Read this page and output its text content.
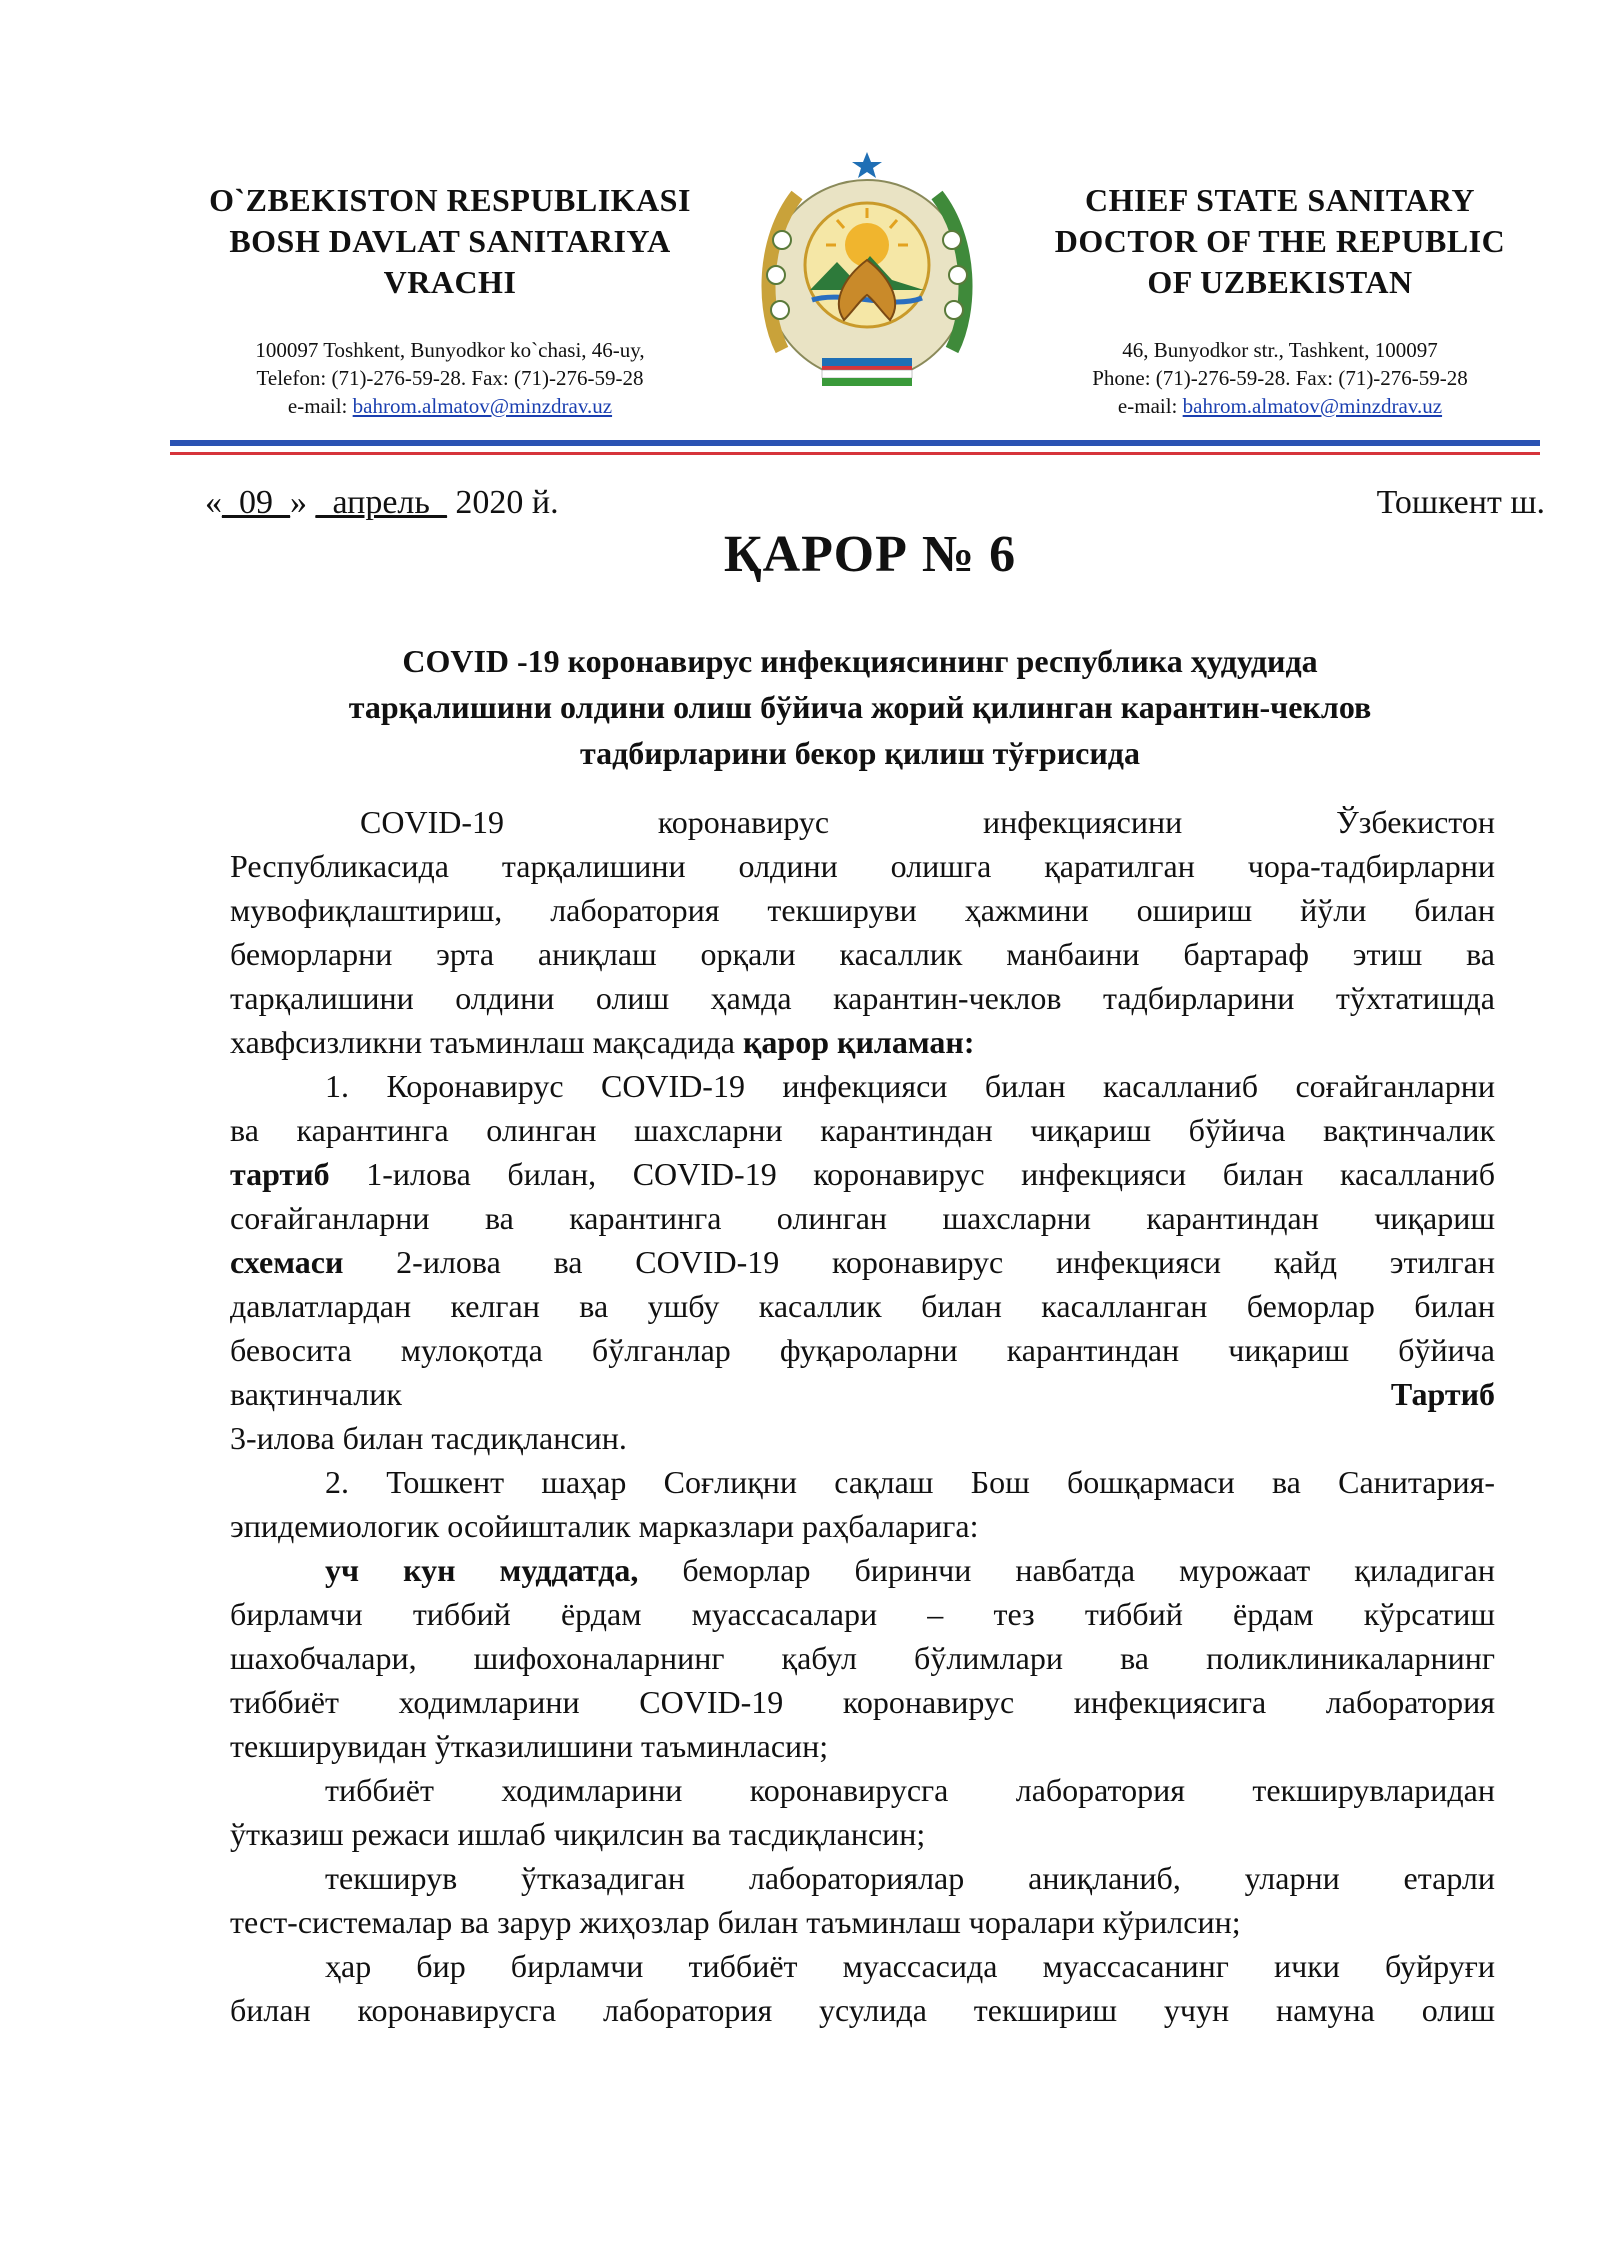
O`ZBEKISTON RESPUBLIKASI
BOSH DAVLAT SANITARIYA
VRACHI
CHIEF STATE SANITARY
DOCTOR OF THE REPUBLIC
OF UZBEKISTAN
100097 Toshkent, Bunyodkor ko`chasi, 46-uy,
Telefon: (71)-276-59-28. Fax: (71)-276-59-28
e-mail: bahrom.almatov@minzdrav.uz
46, Bunyodkor str., Tashkent, 100097
Phone: (71)-276-59-28. Fax: (71)-276-59-28
e-mail: bahrom.almatov@minzdrav.uz
«_09_» _апрель_ 2020 й.	Тошкент ш.
ҚАРОР № 6
COVID -19 коронавирус инфекциясининг республика ҳудудида
тарқалишини олдини олиш бўйича жорий қилинган карантин-чеклов
тадбирларини бекор қилиш тўғрисида
COVID-19	коронавирус	инфекциясини	Ўзбекистон
Республикасида тарқалишини олдини олишга қаратилган чора-тадбирларни
мувофиқлаштириш, лаборатория текшируви ҳажмини ошириш йўли билан
беморларни эрта аниқлаш орқали касаллик манбаини бартараф этиш ва
тарқалишини олдини олиш ҳамда карантин-чеклов тадбирларини тўхтатишда
хавфсизликни таъминлаш мақсадида қарор қиламан:
1. Коронавирус COVID-19 инфекцияси билан касалланиб соғайганларни
ва карантинга олинган шахсларни карантиндан чиқариш бўйича вақтинчалик
тартиб 1-илова билан, COVID-19 коронавирус инфекцияси билан касалланиб
соғайганларни ва карантинга олинган шахсларни карантиндан чиқариш
схемаси 2-илова ва COVID-19 коронавирус инфекцияси қайд этилган
давлатлардан келган ва ушбу касаллик билан касалланган беморлар билан
бевосита мулоқотда бўлганлар фуқароларни карантиндан чиқариш бўйича
вақтинчалик	Тартиб
3-илова билан тасдиқлансин.
2. Тошкент шаҳар Соғлиқни сақлаш Бош бошқармаси ва Санитария-
эпидемиологик осойишталик марказлари раҳбаларига:
уч кун муддатда, беморлар биринчи навбатда мурожаат қиладиган
бирламчи тиббий ёрдам муассасалари – тез тиббий ёрдам кўрсатиш
шахобчалари, шифохоналарнинг қабул бўлимлари ва поликлиникаларнинг
тиббиёт ходимларини COVID-19 коронавирус инфекциясига лаборатория
текширувидан ўтказилишини таъминласин;
тиббиёт ходимларини коронавирусга лаборатория текширувларидан
ўтказиш режаси ишлаб чиқилсин ва тасдиқлансин;
текширув ўтказадиган лабораториялар аниқланиб, уларни етарли
тест-системалар ва зарур жиҳозлар билан таъминлаш чоралари кўрилсин;
ҳар бир бирламчи тиббиёт муассасида муассасанинг ички буйруғи
билан коронавирусга лаборатория усулида текшириш учун намуна олиш
